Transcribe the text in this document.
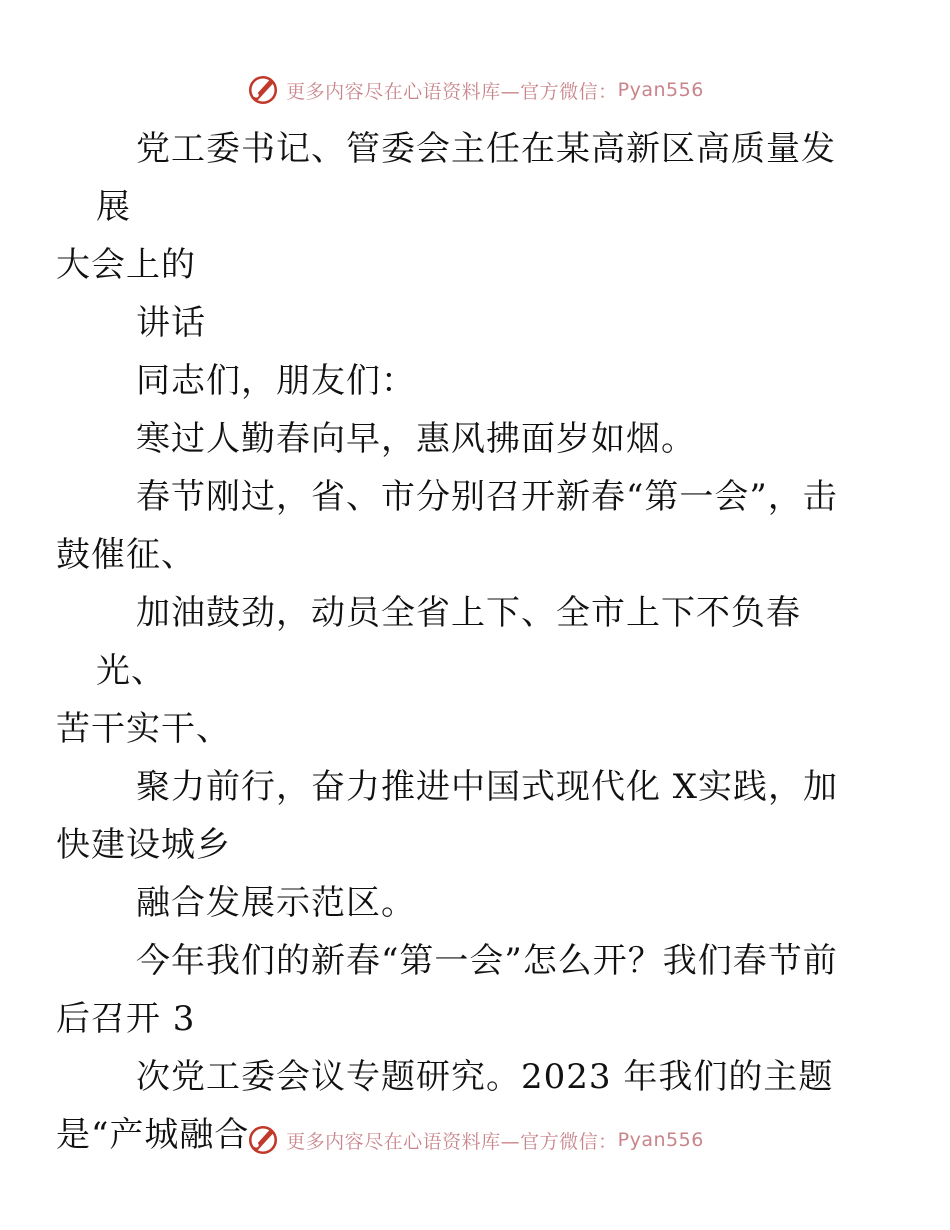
更多内容尽在心语资料库—官方微信： Pyan556

党工委书记、管委会主任在某高新区高质量发展
大会上的

讲话

同志们，朋友们：

寒过人勤春向早，惠风拂面岁如烟。

春节刚过，省、市分别召开新春“第一会”，击
鼓催征、

加油鼓劲，动员全省上下、全市上下不负春光、
苦干实干、

聚力前行，奋力推进中国式现代化 X实践，加
快建设城乡

融合发展示范区。

今年我们的新春“第一会”怎么开？我们春节前
后召开 3

次党工委会议专题研究。2023 年我们的主题
是“产城融合	更多内容尽在心语资料库—官方微信： Pyan556
